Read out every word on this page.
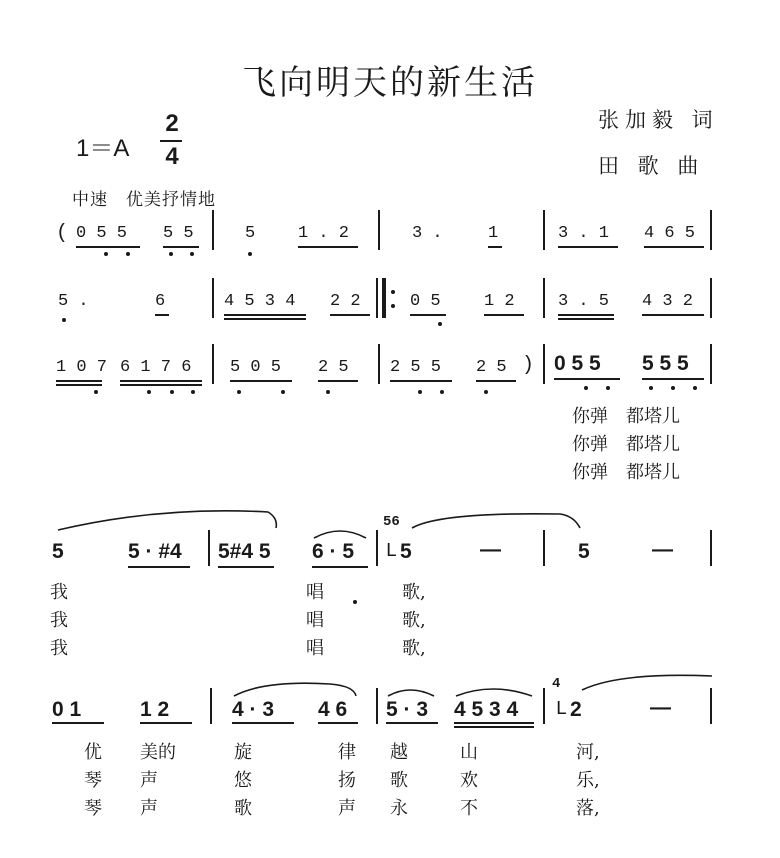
飞向明天的新生活
张加毅 词
田 歌 曲
1＝A
2
4
中速　优美抒情地
( 0 5 5 5 5	5	1 . 2	3 .	1	3 . 1 4 6 5
5 .	6	4 5 3 4 2 2	0 5	1 2	3 . 5 4 3 2
1 0 7 6 1 7 6 5 0 5 2 5 2 5 5 2 5 ) 0 5 5 5 5 5
你弹　都塔儿
你弹　都塔儿
你弹　都塔儿
5	5 · #4 5#4 5 6 · 5
56
ᒪ 5	—	5	—
我	唱	歌,
我	唱	歌,
我	唱	歌,
0 1	1 2	4 · 3 4 6 5 · 3 4 5 3 4
4
ᒪ 2	—
优 美的	旋	律 越	山	河,
琴 声	悠	扬 歌	欢	乐,
琴 声	歌	声 永	不	落,
